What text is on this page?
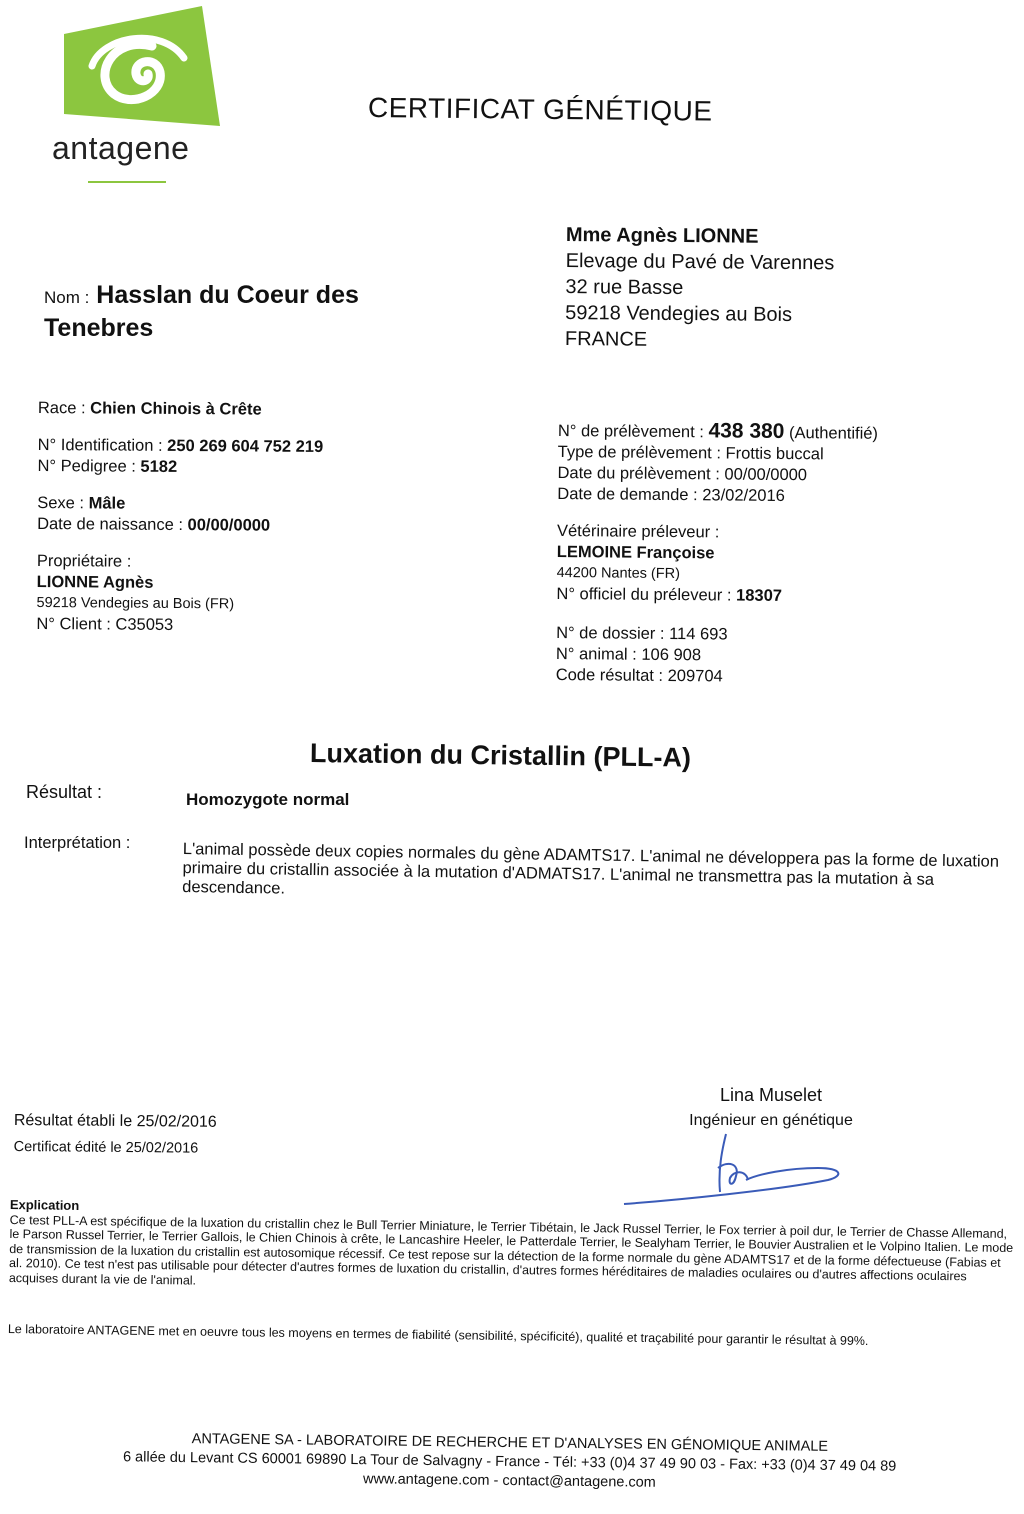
antagene
CERTIFICAT GÉNÉTIQUE
Nom : Hasslan du Coeur des Tenebres
Mme Agnès LIONNE
Elevage du Pavé de Varennes
32 rue Basse
59218 Vendegies au Bois
FRANCE
Race : Chien Chinois à Crête
N° Identification : 250 269 604 752 219
N° Pedigree : 5182
Sexe : Mâle
Date de naissance : 00/00/0000
Propriétaire :
LIONNE Agnès
59218 Vendegies au Bois (FR)
N° Client : C35053
N° de prélèvement : 438 380 (Authentifié)
Type de prélèvement : Frottis buccal
Date du prélèvement : 00/00/0000
Date de demande : 23/02/2016
Vétérinaire préleveur :
LEMOINE Françoise
44200 Nantes (FR)
N° officiel du préleveur : 18307
N° de dossier : 114 693
N° animal : 106 908
Code résultat : 209704
Luxation du Cristallin (PLL-A)
Résultat :	Homozygote normal
Interprétation :	L'animal possède deux copies normales du gène ADAMTS17. L'animal ne développera pas la forme de luxation primaire du cristallin associée à la mutation d'ADMATS17. L'animal ne transmettra pas la mutation à sa descendance.
Résultat établi le 25/02/2016
Certificat édité le 25/02/2016
Lina Muselet
Ingénieur en génétique
Explication
Ce test PLL-A est spécifique de la luxation du cristallin chez le Bull Terrier Miniature, le Terrier Tibétain, le Jack Russel Terrier, le Fox terrier à poil dur, le Terrier de Chasse Allemand, le Parson Russel Terrier, le Terrier Gallois, le Chien Chinois à crête, le Lancashire Heeler, le Patterdale Terrier, le Sealyham Terrier, le Bouvier Australien et le Volpino Italien. Le mode de transmission de la luxation du cristallin est autosomique récessif. Ce test repose sur la détection de la forme normale du gène ADAMTS17 et de la forme défectueuse (Fabias et al. 2010). Ce test n'est pas utilisable pour détecter d'autres formes de luxation du cristallin, d'autres formes héréditaires de maladies oculaires ou d'autres affections oculaires acquises durant la vie de l'animal.
Le laboratoire ANTAGENE met en oeuvre tous les moyens en termes de fiabilité (sensibilité, spécificité), qualité et traçabilité pour garantir le résultat à 99%.
ANTAGENE SA - LABORATOIRE DE RECHERCHE ET D'ANALYSES EN GÉNOMIQUE ANIMALE
6 allée du Levant CS 60001 69890 La Tour de Salvagny - France - Tél: +33 (0)4 37 49 90 03 - Fax: +33 (0)4 37 49 04 89
www.antagene.com - contact@antagene.com
